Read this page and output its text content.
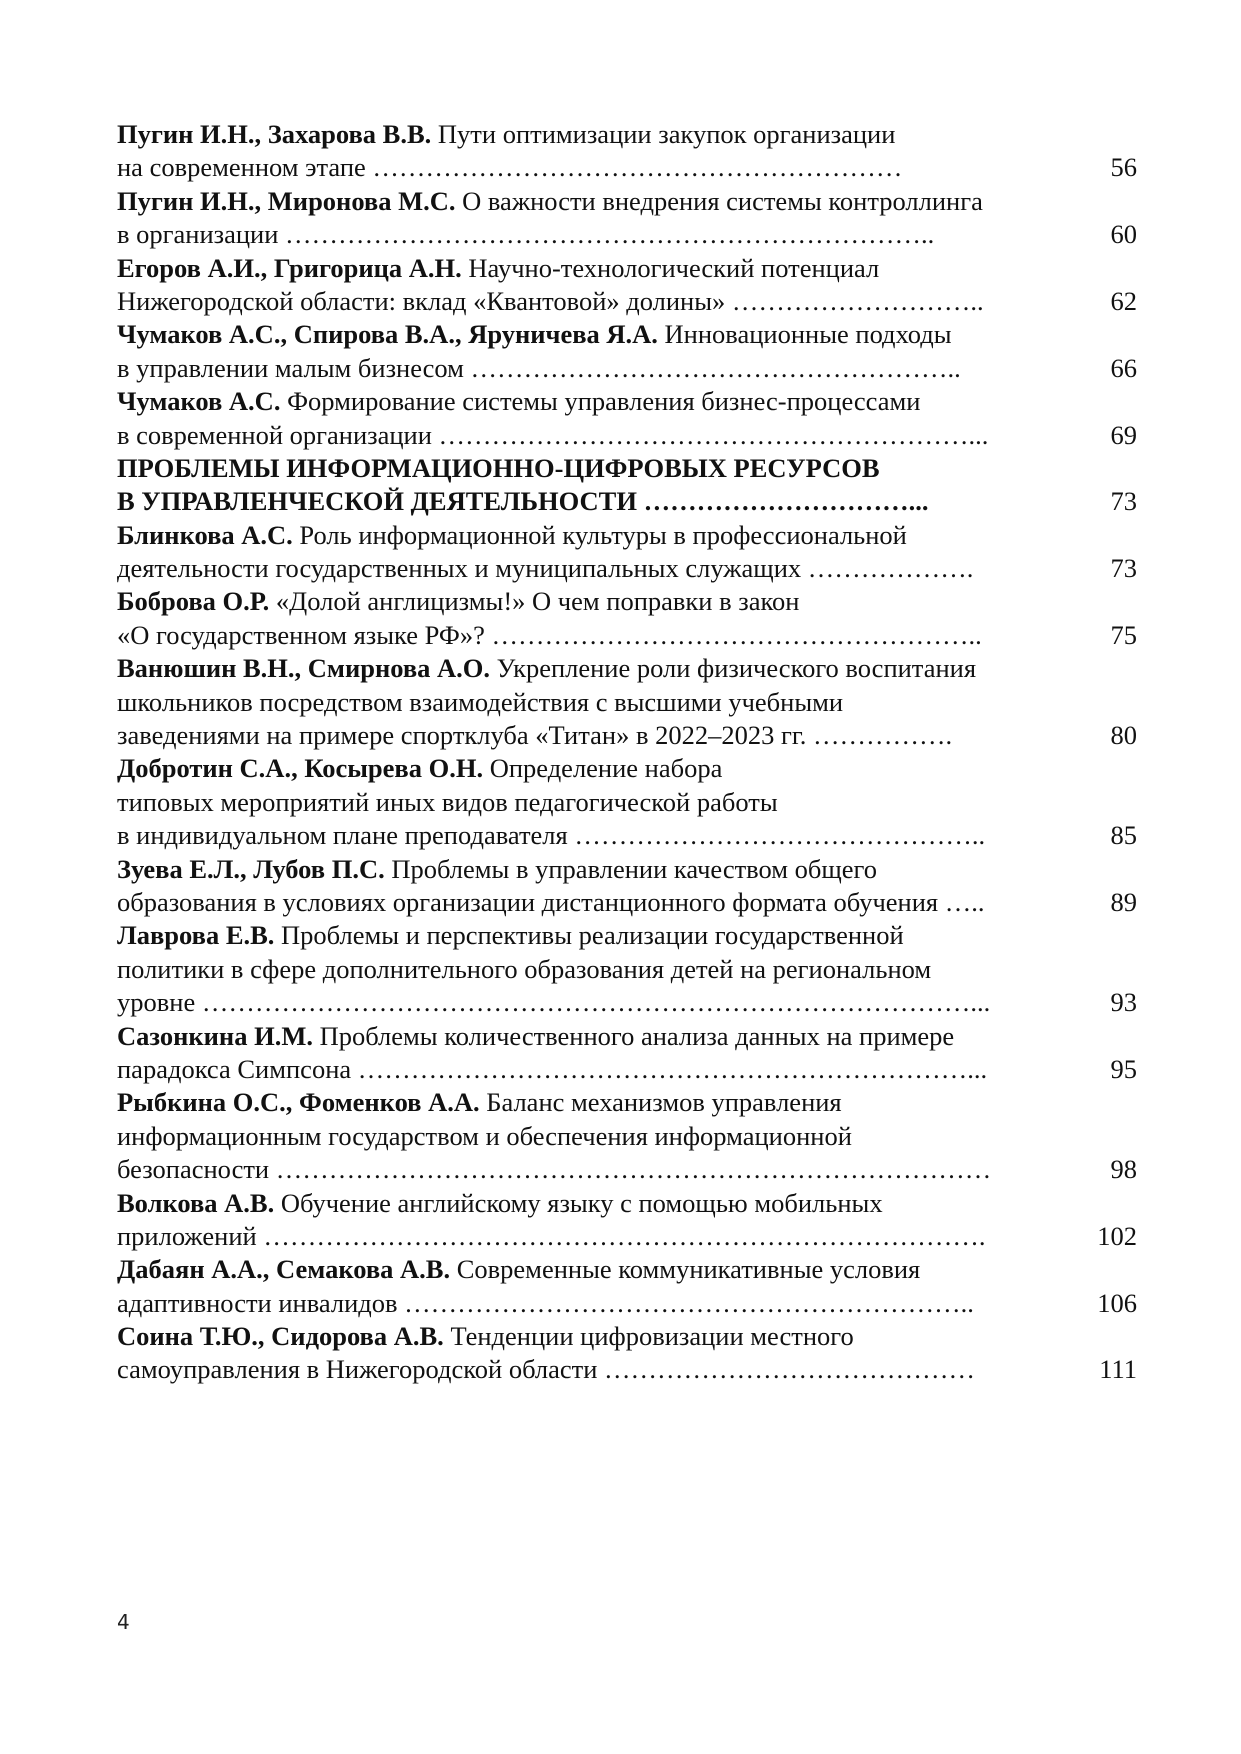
Пугин И.Н., Захарова В.В. Пути оптимизации закупок организации
на современном этапе ……………………………………………………	56
Пугин И.Н., Миронова М.С. О важности внедрения системы контроллинга
в организации ………………………………………………………………..	60
Егоров А.И., Григорица А.Н. Научно-технологический потенциал
Нижегородской области: вклад «Квантовой» долины» ………………………..	62
Чумаков А.С., Спирова В.А., Яруничева Я.А. Инновационные подходы
в управлении малым бизнесом ………………………………………………..	66
Чумаков А.С. Формирование системы управления бизнес-процессами
в современной организации ……………………………………………………...	69
ПРОБЛЕМЫ ИНФОРМАЦИОННО-ЦИФРОВЫХ РЕСУРСОВ
В УПРАВЛЕНЧЕСКОЙ ДЕЯТЕЛЬНОСТИ …………………………...	73
Блинкова А.С. Роль информационной культуры в профессиональной
деятельности государственных и муниципальных служащих ……………….	73
Боброва О.Р. «Долой англицизмы!» О чем поправки в закон
«О государственном языке РФ»? ………………………………………………..	75
Ванюшин В.Н., Смирнова А.О. Укрепление роли физического воспитания
школьников посредством взаимодействия с высшими учебными
заведениями на примере спортклуба «Титан» в 2022–2023 гг. …………….	80
Добротин С.А., Косырева О.Н. Определение набора
типовых мероприятий иных видов педагогической работы
в индивидуальном плане преподавателя ………………………………………..	85
Зуева Е.Л., Лубов П.С. Проблемы в управлении качеством общего
образования в условиях организации дистанционного формата обучения …..	89
Лаврова Е.В. Проблемы и перспективы реализации государственной
политики в сфере дополнительного образования детей на региональном
уровне ……………………………………………………………………………...	93
Сазонкина И.М. Проблемы количественного анализа данных на примере
парадокса Симпсона ……………………………………………………………...	95
Рыбкина О.С., Фоменков А.А. Баланс механизмов управления
информационным государством и обеспечения информационной
безопасности ………………………………………………………………………	98
Волкова А.В. Обучение английскому языку с помощью мобильных
приложений ……………………………………………………………………….	102
Дабаян А.А., Семакова А.В. Современные коммуникативные условия
адаптивности инвалидов ………………………………………………………..	106
Соина Т.Ю., Сидорова А.В. Тенденции цифровизации местного
самоуправления в Нижегородской области ……………………………………	111
4
